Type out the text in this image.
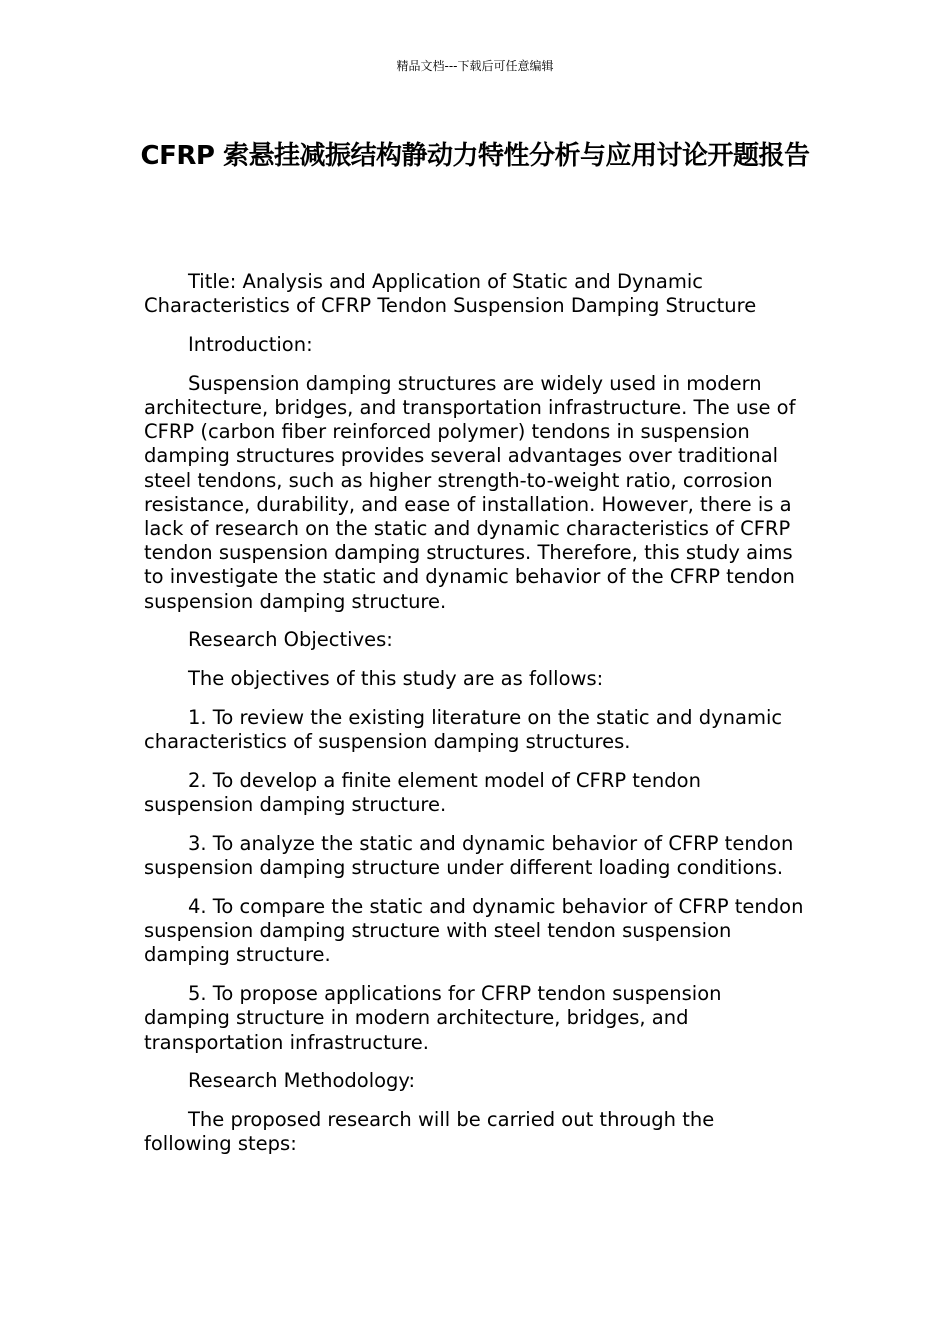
精品文档---下载后可任意编辑
CFRP 索悬挂减振结构静动力特性分析与应用讨论开题报告

Title: Analysis and Application of Static and Dynamic Characteristics of CFRP Tendon Suspension Damping Structure

Introduction:

Suspension damping structures are widely used in modern architecture, bridges, and transportation infrastructure. The use of CFRP (carbon fiber reinforced polymer) tendons in suspension damping structures provides several advantages over traditional steel tendons, such as higher strength-to-weight ratio, corrosion resistance, durability, and ease of installation. However, there is a lack of research on the static and dynamic characteristics of CFRP tendon suspension damping structures. Therefore, this study aims to investigate the static and dynamic behavior of the CFRP tendon suspension damping structure.

Research Objectives:

The objectives of this study are as follows:

1. To review the existing literature on the static and dynamic characteristics of suspension damping structures.

2. To develop a finite element model of CFRP tendon suspension damping structure.

3. To analyze the static and dynamic behavior of CFRP tendon suspension damping structure under different loading conditions.

4. To compare the static and dynamic behavior of CFRP tendon suspension damping structure with steel tendon suspension damping structure.

5. To propose applications for CFRP tendon suspension damping structure in modern architecture, bridges, and transportation infrastructure.

Research Methodology:

The proposed research will be carried out through the following steps:
